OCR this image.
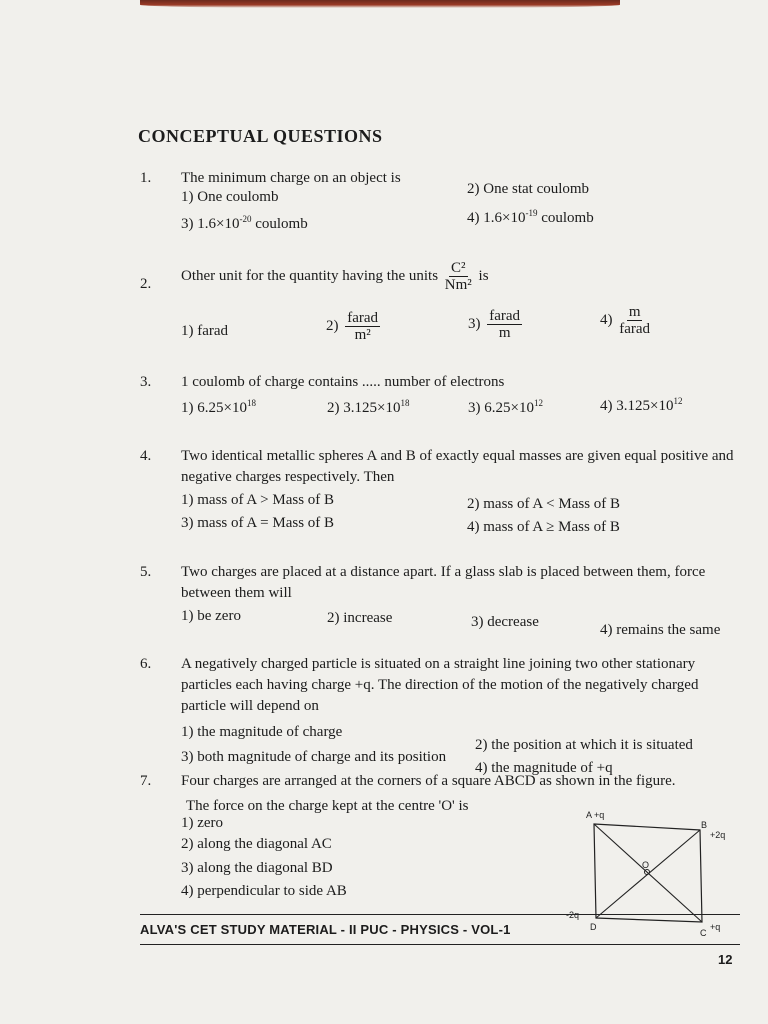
CONCEPTUAL QUESTIONS
1. The minimum charge on an object is
1) One coulomb	2) One stat coulomb
3) $1.6\times 10^{-20}$ coulomb	4) $1.6\times 10^{-19}$ coulomb
2.
Other unit for the quantity having the units $\frac{\text{C²}}{\text{Nm²}}$ is
1) farad	$2) \frac{\text{farad}}{\text{m²}}$	$3) \frac{\text{farad}}{m}$	$4) \frac{m}{\text{farad}}$
3. 1 coulomb of charge contains ..... number of electrons
1) $6.25\times 10^{18}$	2) $3.125\times 10^{18}$	3) $6.25\times 10^{12}$	4) $3.125\times 10^{12}$
4. Two identical metallic spheres A and B of exactly equal masses are given equal positive and negative charges respectively. Then
1) mass of A > Mass of B	2) mass of A < Mass of B
3) mass of A = Mass of B	4) mass of A ≥ Mass of B
5. Two charges are placed at a distance apart. If a glass slab is placed between them, force between them will
1) be zero	2) increase	3) decrease	4) remains the same
6. A negatively charged particle is situated on a straight line joining two other stationary particles each having charge +q. The direction of the motion of the negatively charged particle will depend on
1) the magnitude of charge
2) the position at which it is situated
3) both magnitude of charge and its position
4) the magnitude of +q
7. Four charges are arranged at the corners of a square ABCD as shown in the figure.
The force on the charge kept at the centre 'O' is
1) zero
2) along the diagonal AC
3) along the diagonal BD
4) perpendicular to side AB
A +q
B
+2q
O
-2q
D
C
+q
ALVA'S CET STUDY MATERIAL - II PUC - PHYSICS - VOL-1
12
